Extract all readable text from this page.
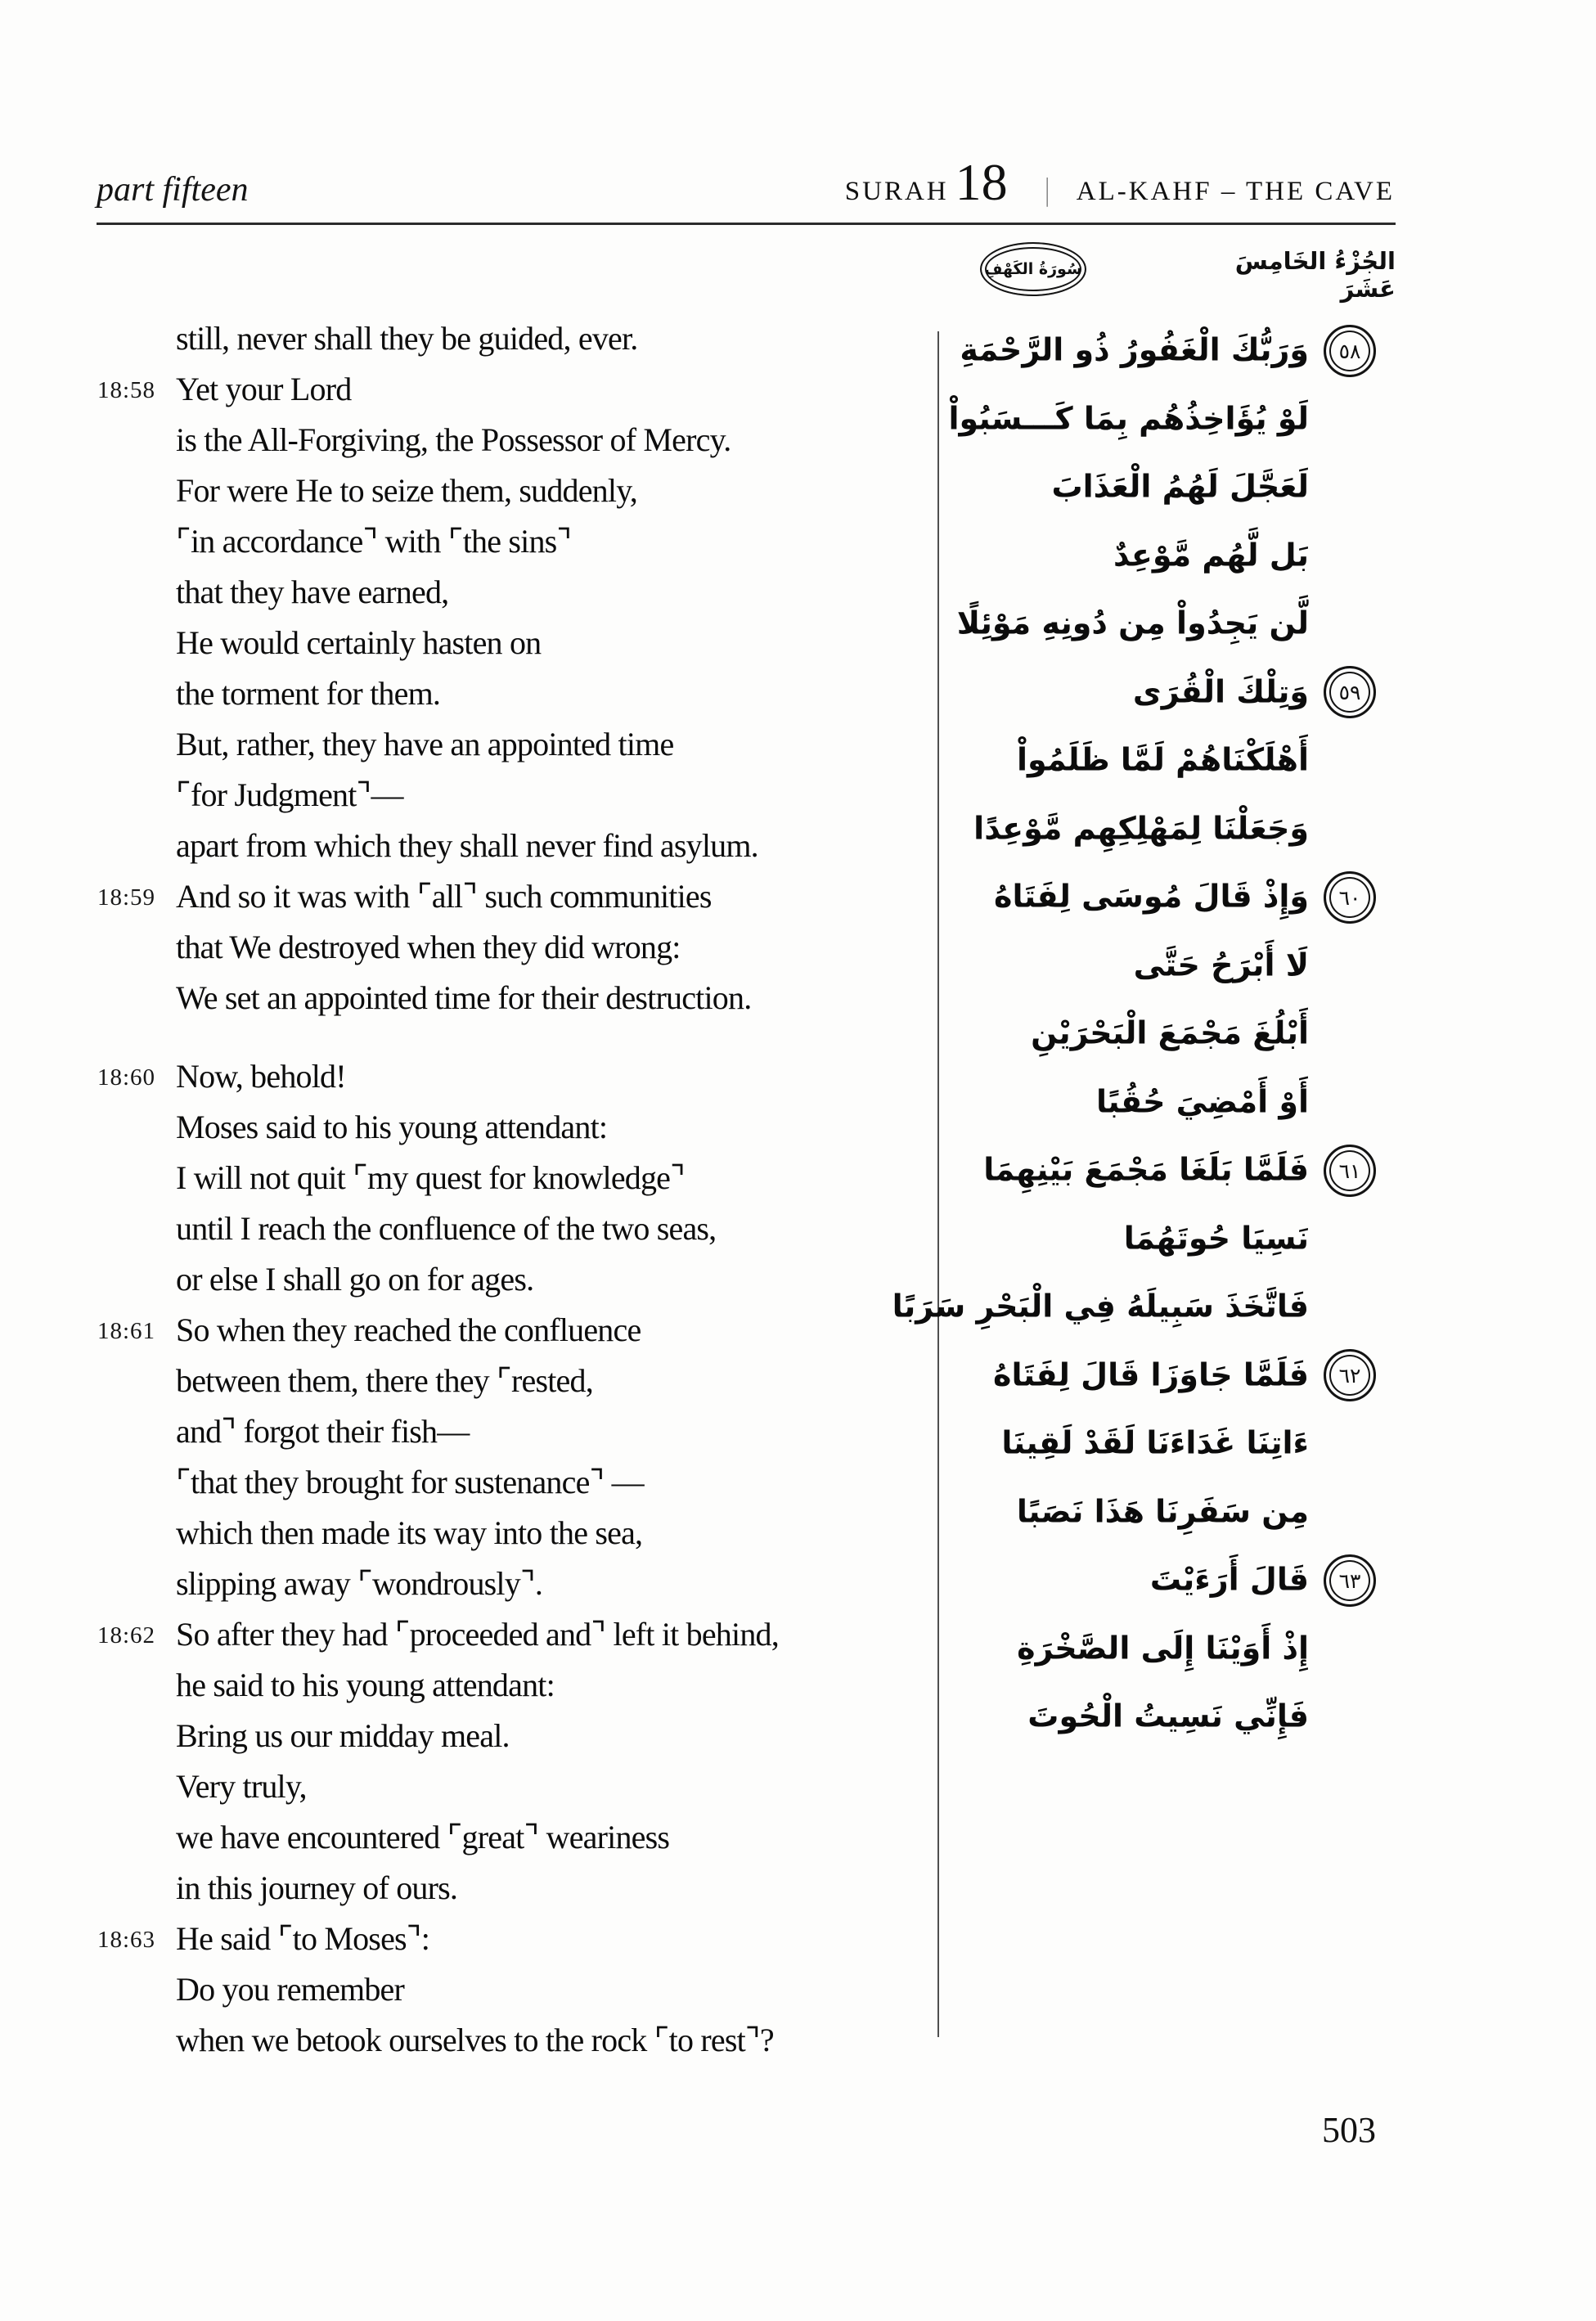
part fifteen	SURAH 18 | AL-KAHF – THE CAVE
سُورَةُ الكَهْفِ	الجُزْءُ الخَامِسَ عَشَرَ
still, never shall they be guided, ever.
18:58 Yet your Lord
is the All-Forgiving, the Possessor of Mercy.
For were He to seize them, suddenly,
⌜in accordance⌝ with ⌜the sins⌝
that they have earned,
He would certainly hasten on
the torment for them.
But, rather, they have an appointed time
⌜for Judgment⌝—
apart from which they shall never find asylum.
18:59 And so it was with ⌜all⌝ such communities
that We destroyed when they did wrong:
We set an appointed time for their destruction.
18:60 Now, behold!
Moses said to his young attendant:
I will not quit ⌜my quest for knowledge⌝
until I reach the confluence of the two seas,
or else I shall go on for ages.
18:61 So when they reached the confluence
between them, there they ⌜rested,
and⌝ forgot their fish—
⌜that they brought for sustenance⌝ —
which then made its way into the sea,
slipping away ⌜wondrously⌝.
18:62 So after they had ⌜proceeded and⌝ left it behind,
he said to his young attendant:
Bring us our midday meal.
Very truly,
we have encountered ⌜great⌝ weariness
in this journey of ours.
18:63 He said ⌜to Moses⌝:
Do you remember
when we betook ourselves to the rock ⌜to rest⌝?
٥٨وَرَبُّكَ الْغَفُورُ ذُو الرَّحْمَةِ
لَوْ يُؤَاخِذُهُم بِمَا كَـــسَبُواْ
لَعَجَّلَ لَهُمُ الْعَذَابَ
بَل لَّهُم مَّوْعِدٌ
لَّن يَجِدُواْ مِن دُونِهِ مَوْئِلًا
٥٩وَتِلْكَ الْقُرَى
أَهْلَكْنَاهُمْ لَمَّا ظَلَمُواْ
وَجَعَلْنَا لِمَهْلِكِهِم مَّوْعِدًا
٦٠وَإِذْ قَالَ مُوسَى لِفَتَاهُ
لَا أَبْرَحُ حَتَّى
أَبْلُغَ مَجْمَعَ الْبَحْرَيْنِ
أَوْ أَمْضِيَ حُقُبًا
٦١فَلَمَّا بَلَغَا مَجْمَعَ بَيْنِهِمَا
نَسِيَا حُوتَهُمَا
فَاتَّخَذَ سَبِيلَهُ فِي الْبَحْرِ سَرَبًا
٦٢فَلَمَّا جَاوَزَا قَالَ لِفَتَاهُ
ءَاتِنَا غَدَاءَنَا لَقَدْ لَقِينَا
مِن سَفَرِنَا هَذَا نَصَبًا
٦٣قَالَ أَرَءَيْتَ
إِذْ أَوَيْنَا إِلَى الصَّخْرَةِ
فَإِنِّي نَسِيتُ الْحُوتَ
503
